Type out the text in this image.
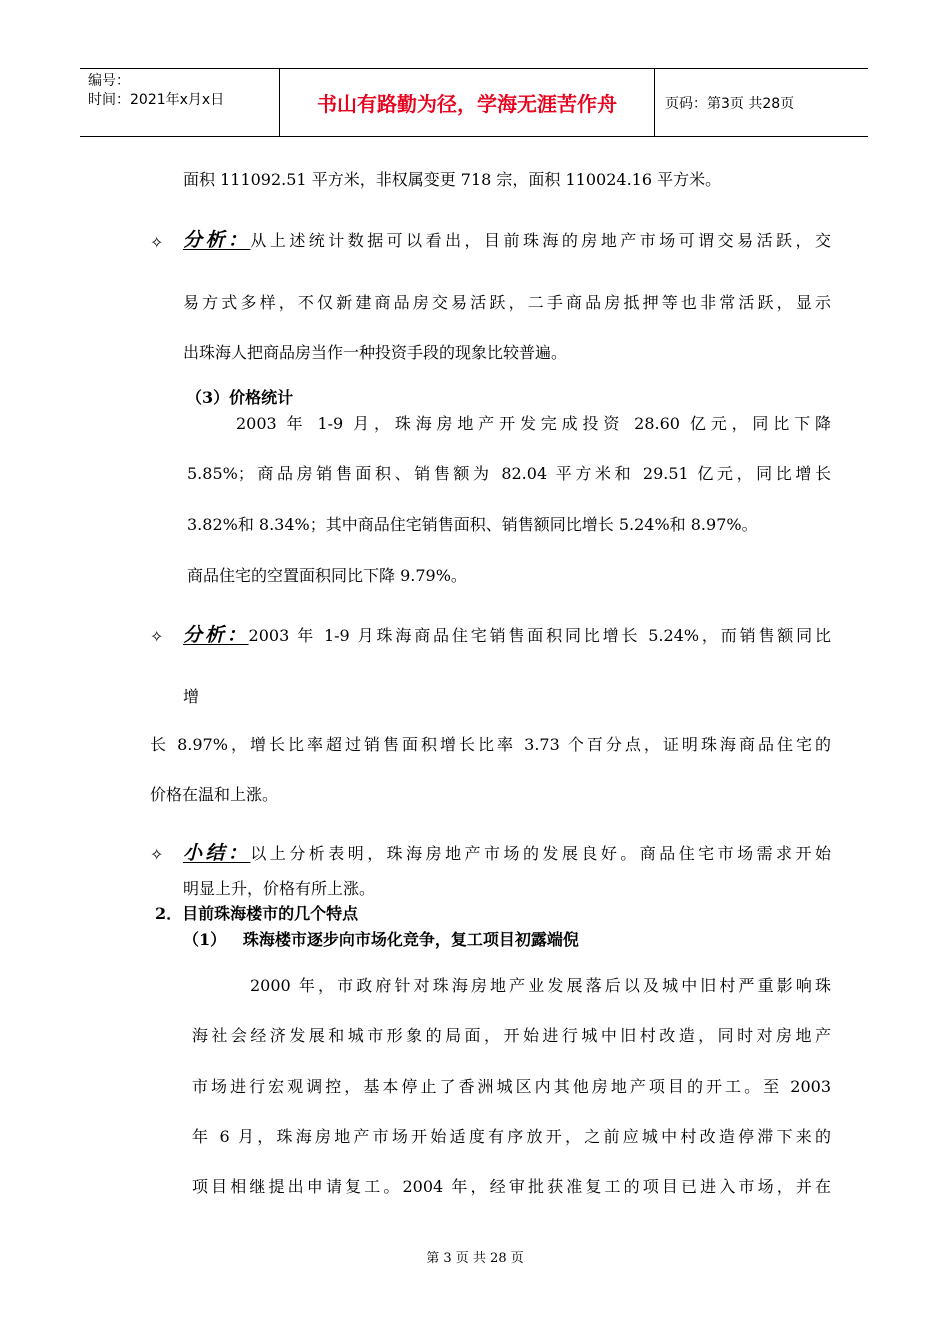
编号：
时间：2021年x月x日	书山有路勤为径，学海无涯苦作舟	页码：第3页 共28页
面积 111092.51 平方米，非权属变更 718 宗，面积 110024.16 平方米。
✧ 分析：从上述统计数据可以看出，目前珠海的房地产市场可谓交易活跃，交
易方式多样，不仅新建商品房交易活跃，二手商品房抵押等也非常活跃，显示
出珠海人把商品房当作一种投资手段的现象比较普遍。
（3）价格统计
2003 年 1-9 月，珠海房地产开发完成投资 28.60 亿元，同比下降
5.85%；商品房销售面积、销售额为 82.04 平方米和 29.51 亿元，同比增长
3.82%和 8.34%；其中商品住宅销售面积、销售额同比增长 5.24%和 8.97%。
商品住宅的空置面积同比下降 9.79%。
✧ 分析：2003 年 1-9 月珠海商品住宅销售面积同比增长 5.24%，而销售额同比
增
长 8.97%，增长比率超过销售面积增长比率 3.73 个百分点，证明珠海商品住宅的
价格在温和上涨。
✧ 小结：以上分析表明，珠海房地产市场的发展良好。商品住宅市场需求开始
明显上升，价格有所上涨。
2．目前珠海楼市的几个特点
（1）   珠海楼市逐步向市场化竞争，复工项目初露端倪
2000 年，市政府针对珠海房地产业发展落后以及城中旧村严重影响珠
海社会经济发展和城市形象的局面，开始进行城中旧村改造，同时对房地产
市场进行宏观调控，基本停止了香洲城区内其他房地产项目的开工。至 2003
年 6 月，珠海房地产市场开始适度有序放开，之前应城中村改造停滞下来的
项目相继提出申请复工。2004 年，经审批获准复工的项目已进入市场，并在
第 3 页 共 28 页
